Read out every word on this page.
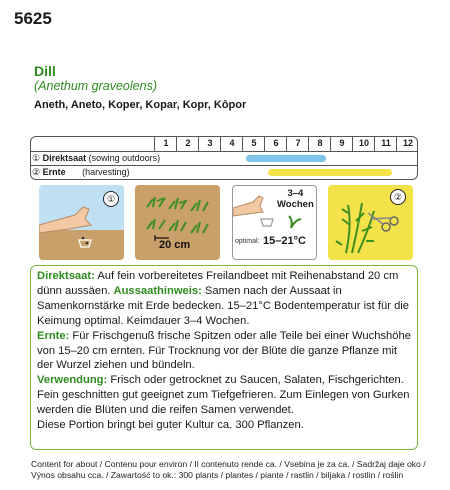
5625
Dill
(Anethum graveolens)
Aneth, Aneto, Koper, Kopar, Kopr, Kôpor
1	2	3	4	5	6	7	8	9	10	11	12
① Direktsaat (sowing outdoors)
② Ernte (harvesting)
①
20 cm
3–4
Wochen
optimal: 15–21°C
②

Direktsaat: Auf fein vorbereitetes Freilandbeet mit Reihenabstand 20 cm dünn aussäen. Aussaathinweis: Samen nach der Aussaat in Samenkornstärke mit Erde bedecken. 15–21°C Bodentemperatur ist für die Keimung optimal. Keimdauer 3–4 Wochen.

Ernte: Für Frischgenuß frische Spitzen oder alle Teile bei einer Wuchshöhe von 15–20 cm ernten. Für Trocknung vor der Blüte die ganze Pflanze mit der Wurzel ziehen und bündeln.

Verwendung: Frisch oder getrocknet zu Saucen, Salaten, Fischgerichten. Fein geschnitten gut geeignet zum Tiefgefrieren. Zum Einlegen von Gurken werden die Blüten und die reifen Samen verwendet.

Diese Portion bringt bei guter Kultur ca. 300 Pflanzen.

Content for about / Contenu pour environ / Il contenuto rende ca. / Vsebina je za ca. / Sadržaj daje oko /
Výnos obsahu cca. / Zawartość to ok.: 300 plants / plantes / piante / rastlin / biljaka / rostlin / roślin
